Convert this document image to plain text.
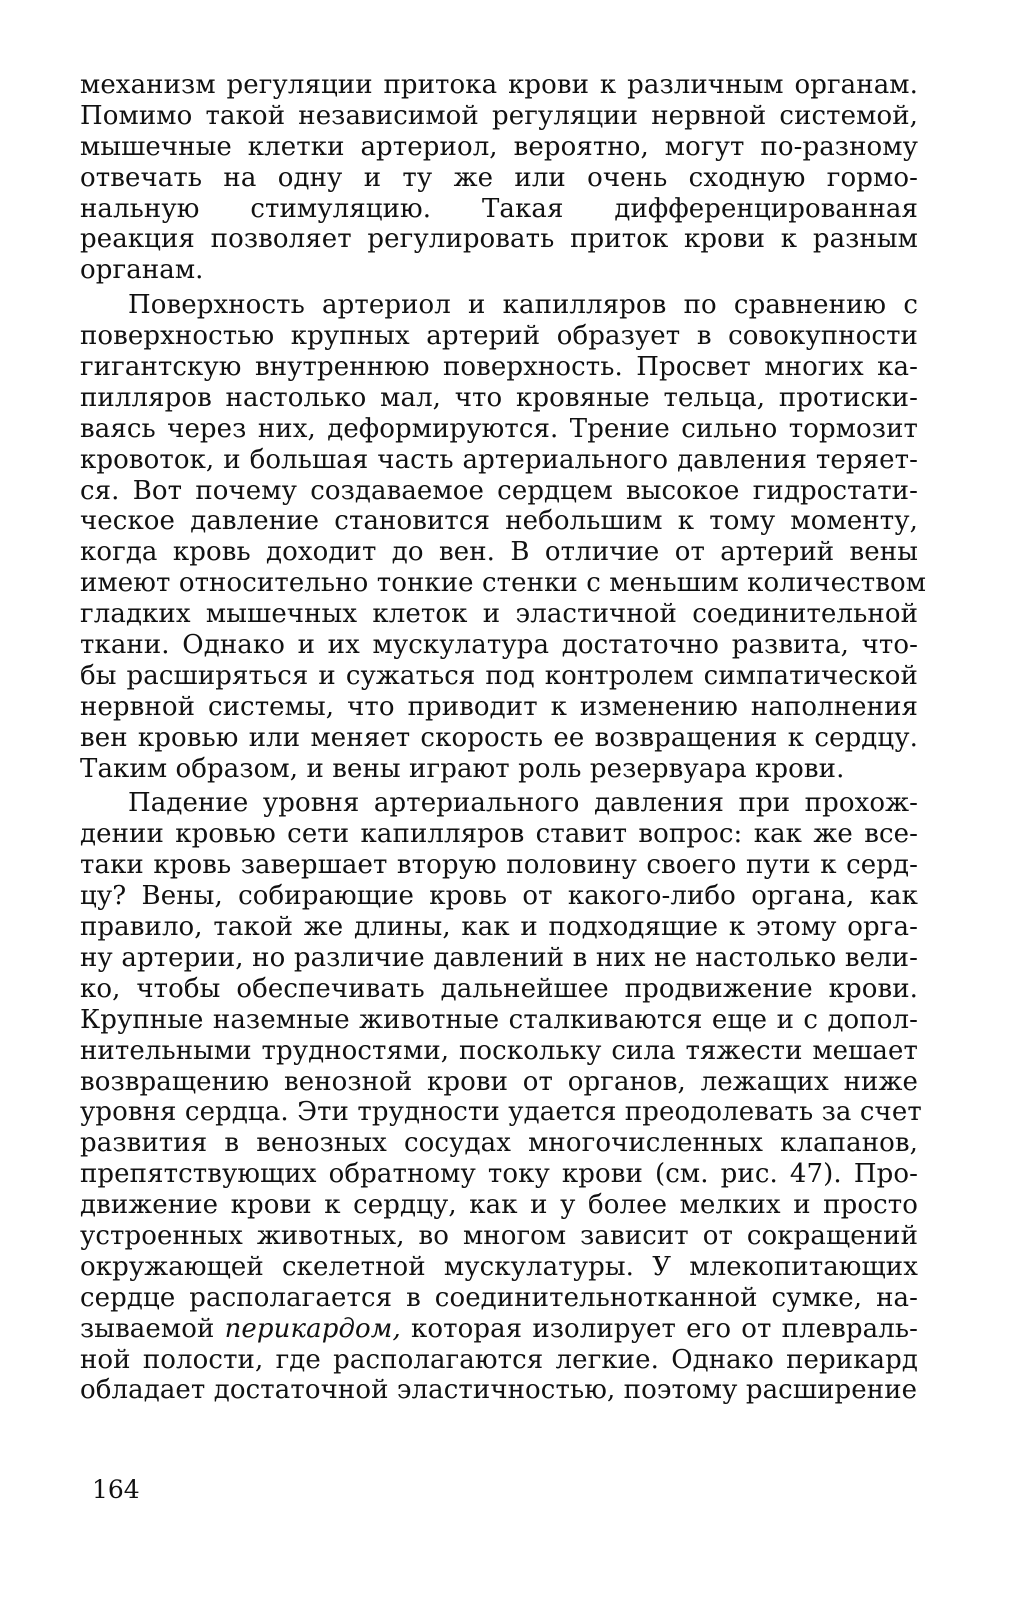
механизм регуляции притока крови к различным органам.
Помимо такой независимой регуляции нервной системой,
мышечные клетки артериол, вероятно, могут по-разному
отвечать на одну и ту же или очень сходную гормо-
нальную стимуляцию. Такая дифференцированная
реакция позволяет регулировать приток крови к разным
органам.
Поверхность артериол и капилляров по сравнению с
поверхностью крупных артерий образует в совокупности
гигантскую внутреннюю поверхность. Просвет многих ка-
пилляров настолько мал, что кровяные тельца, протиски-
ваясь через них, деформируются. Трение сильно тормозит
кровоток, и большая часть артериального давления теряет-
ся. Вот почему создаваемое сердцем высокое гидростати-
ческое давление становится небольшим к тому моменту,
когда кровь доходит до вен. В отличие от артерий вены
имеют относительно тонкие стенки с меньшим количеством
гладких мышечных клеток и эластичной соединительной
ткани. Однако и их мускулатура достаточно развита, что-
бы расширяться и сужаться под контролем симпатической
нервной системы, что приводит к изменению наполнения
вен кровью или меняет скорость ее возвращения к сердцу.
Таким образом, и вены играют роль резервуара крови.
Падение уровня артериального давления при прохож-
дении кровью сети капилляров ставит вопрос: как же все-
таки кровь завершает вторую половину своего пути к серд-
цу? Вены, собирающие кровь от какого-либо органа, как
правило, такой же длины, как и подходящие к этому орга-
ну артерии, но различие давлений в них не настолько вели-
ко, чтобы обеспечивать дальнейшее продвижение крови.
Крупные наземные животные сталкиваются еще и с допол-
нительными трудностями, поскольку сила тяжести мешает
возвращению венозной крови от органов, лежащих ниже
уровня сердца. Эти трудности удается преодолевать за счет
развития в венозных сосудах многочисленных клапанов,
препятствующих обратному току крови (см. рис. 47). Про-
движение крови к сердцу, как и у более мелких и просто
устроенных животных, во многом зависит от сокращений
окружающей скелетной мускулатуры. У млекопитающих
сердце располагается в соединительнотканной сумке, на-
зываемой перикардом, которая изолирует его от плевраль-
ной полости, где располагаются легкие. Однако перикард
обладает достаточной эластичностью, поэтому расширение
164
